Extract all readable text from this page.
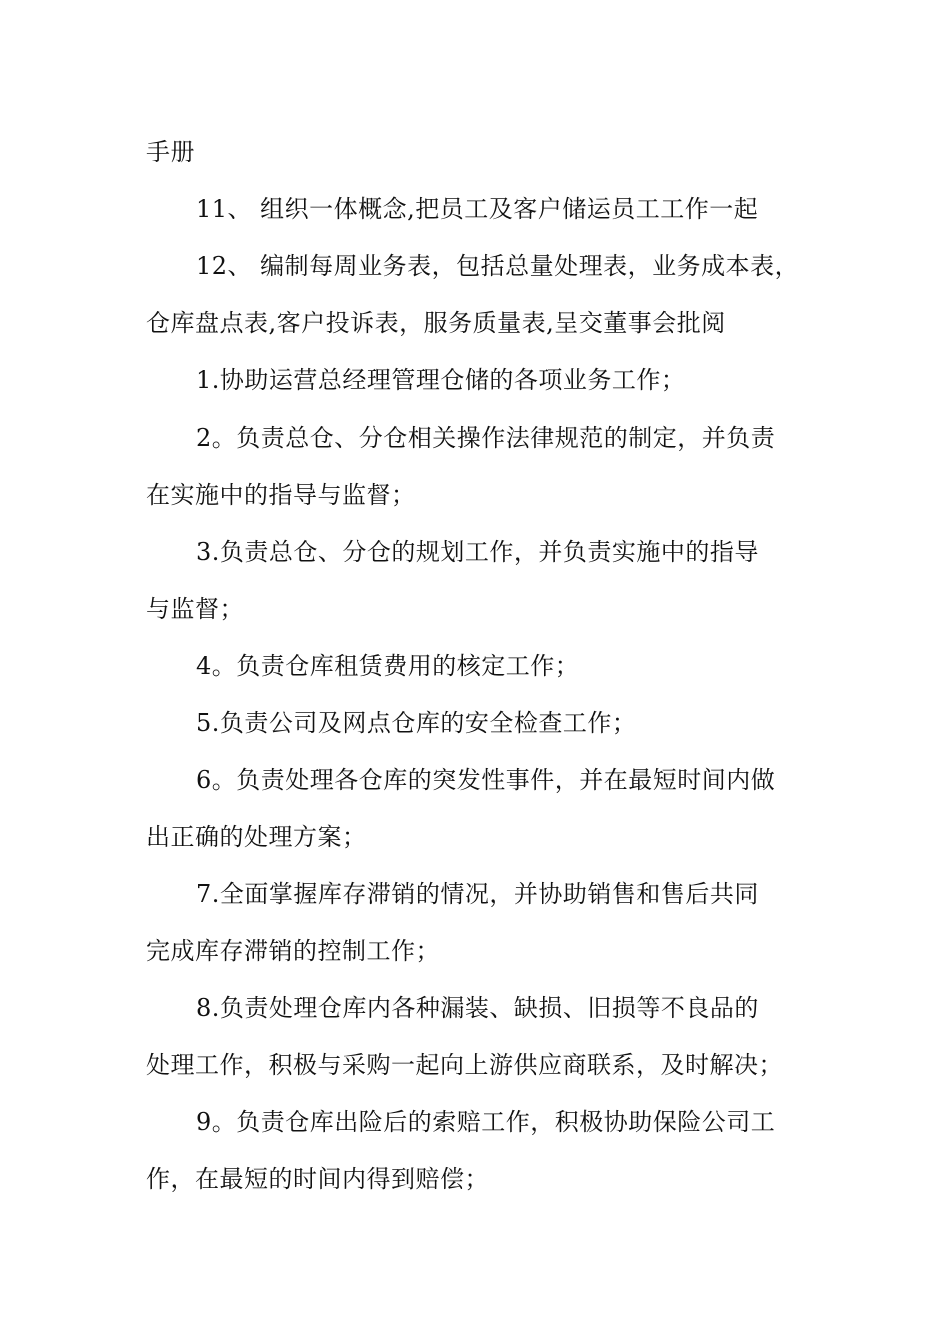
手册
11、 组织一体概念,把员工及客户储运员工工作一起
12、 编制每周业务表，包括总量处理表，业务成本表，
仓库盘点表,客户投诉表，服务质量表,呈交董事会批阅
1.协助运营总经理管理仓储的各项业务工作；
2。负责总仓、分仓相关操作法律规范的制定，并负责
在实施中的指导与监督；
3.负责总仓、分仓的规划工作，并负责实施中的指导
与监督；
4。负责仓库租赁费用的核定工作；
5.负责公司及网点仓库的安全检查工作；
6。负责处理各仓库的突发性事件，并在最短时间内做
出正确的处理方案；
7.全面掌握库存滞销的情况，并协助销售和售后共同
完成库存滞销的控制工作；
8.负责处理仓库内各种漏装、缺损、旧损等不良品的
处理工作，积极与采购一起向上游供应商联系，及时解决；
9。负责仓库出险后的索赔工作，积极协助保险公司工
作，在最短的时间内得到赔偿；
